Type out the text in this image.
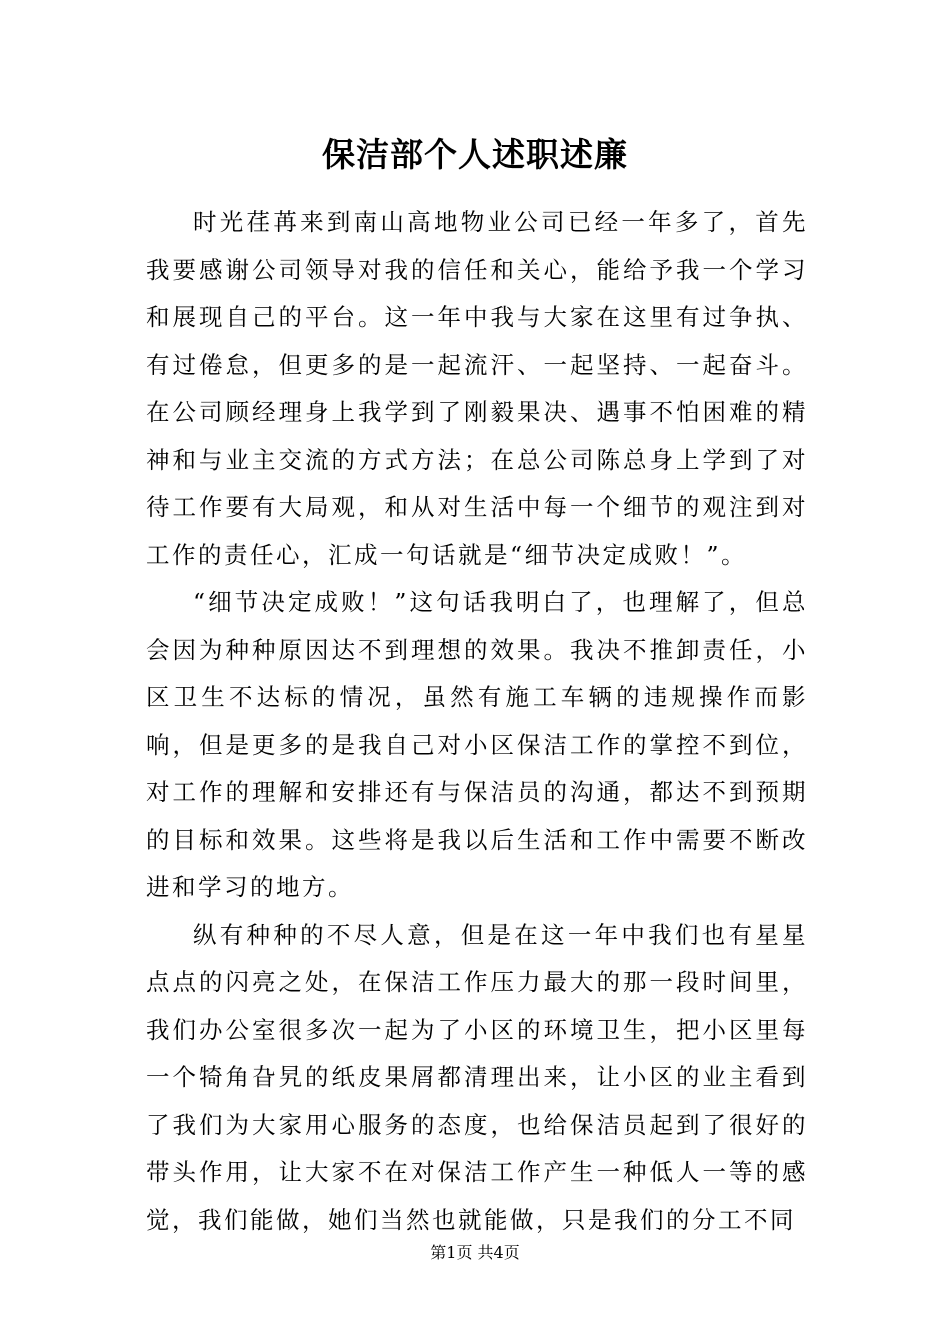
保洁部个人述职述廉

时光荏苒来到南山高地物业公司已经一年多了，首先我要感谢公司领导对我的信任和关心，能给予我一个学习和展现自己的平台。这一年中我与大家在这里有过争执、有过倦怠，但更多的是一起流汗、一起坚持、一起奋斗。在公司顾经理身上我学到了刚毅果决、遇事不怕困难的精神和与业主交流的方式方法；在总公司陈总身上学到了对待工作要有大局观，和从对生活中每一个细节的观注到对工作的责任心，汇成一句话就是“细节决定成败！”。

“细节决定成败！”这句话我明白了，也理解了，但总会因为种种原因达不到理想的效果。我决不推卸责任，小区卫生不达标的情况，虽然有施工车辆的违规操作而影响，但是更多的是我自己对小区保洁工作的掌控不到位，对工作的理解和安排还有与保洁员的沟通，都达不到预期的目标和效果。这些将是我以后生活和工作中需要不断改进和学习的地方。

纵有种种的不尽人意，但是在这一年中我们也有星星点点的闪亮之处，在保洁工作压力最大的那一段时间里，我们办公室很多次一起为了小区的环境卫生，把小区里每一个犄角旮旯的纸皮果屑都清理出来，让小区的业主看到了我们为大家用心服务的态度，也给保洁员起到了很好的带头作用，让大家不在对保洁工作产生一种低人一等的感觉，我们能做，她们当然也就能做，只是我们的分工不同

第1页 共4页
